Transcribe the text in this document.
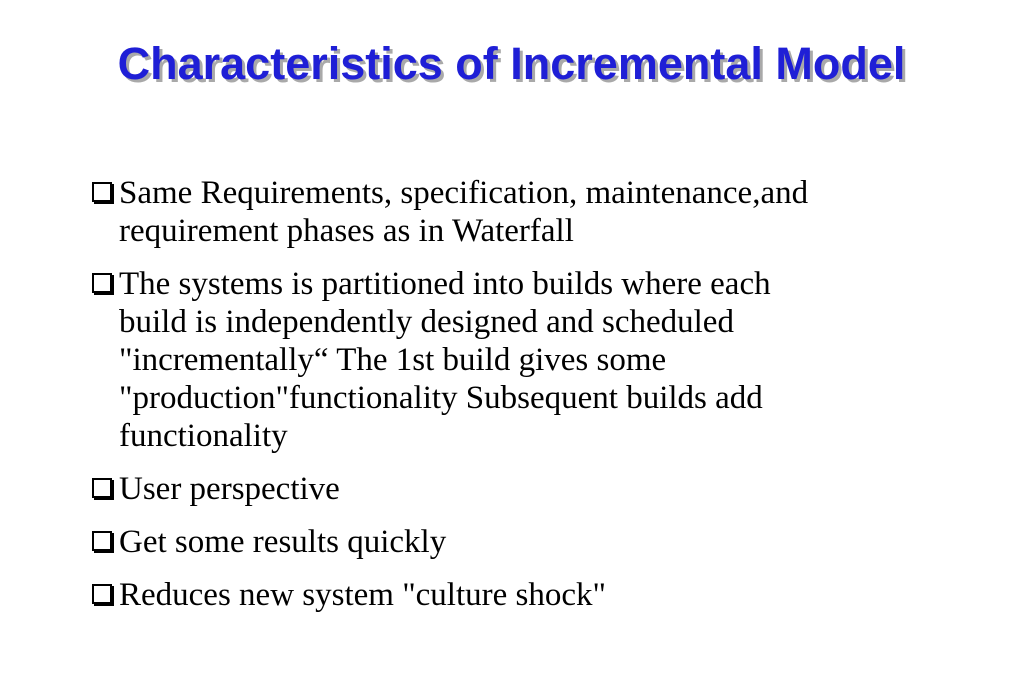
Characteristics of Incremental Model
Same Requirements, specification, maintenance,and
requirement phases as in Waterfall
The systems is partitioned into builds where each
build is independently designed and scheduled
"incrementally“ The 1st build gives some
"production"functionality Subsequent builds add
functionality
User perspective
Get some results quickly
Reduces new system "culture shock"
